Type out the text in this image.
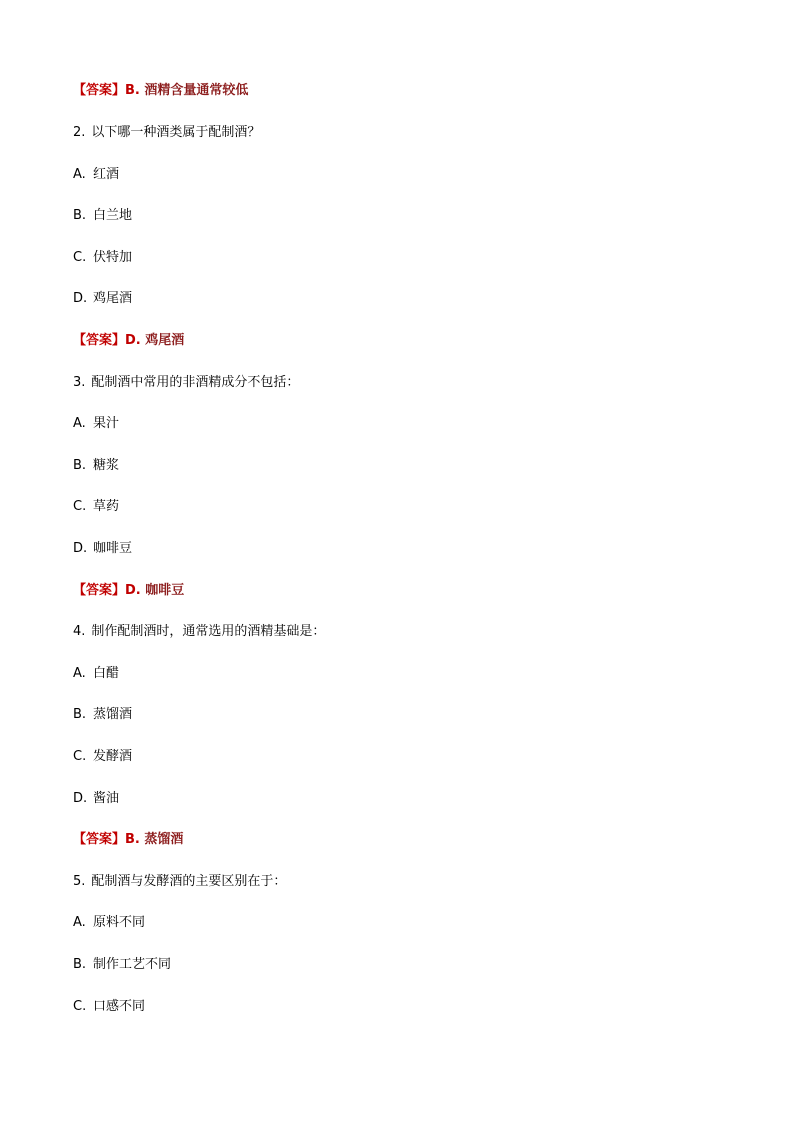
【答案】B. 酒精含量通常较低
2. 以下哪一种酒类属于配制酒？
A. 红酒
B. 白兰地
C. 伏特加
D. 鸡尾酒
【答案】D. 鸡尾酒
3. 配制酒中常用的非酒精成分不包括：
A. 果汁
B. 糖浆
C. 草药
D. 咖啡豆
【答案】D. 咖啡豆
4. 制作配制酒时，通常选用的酒精基础是：
A. 白醋
B. 蒸馏酒
C. 发酵酒
D. 酱油
【答案】B. 蒸馏酒
5. 配制酒与发酵酒的主要区别在于：
A. 原料不同
B. 制作工艺不同
C. 口感不同
